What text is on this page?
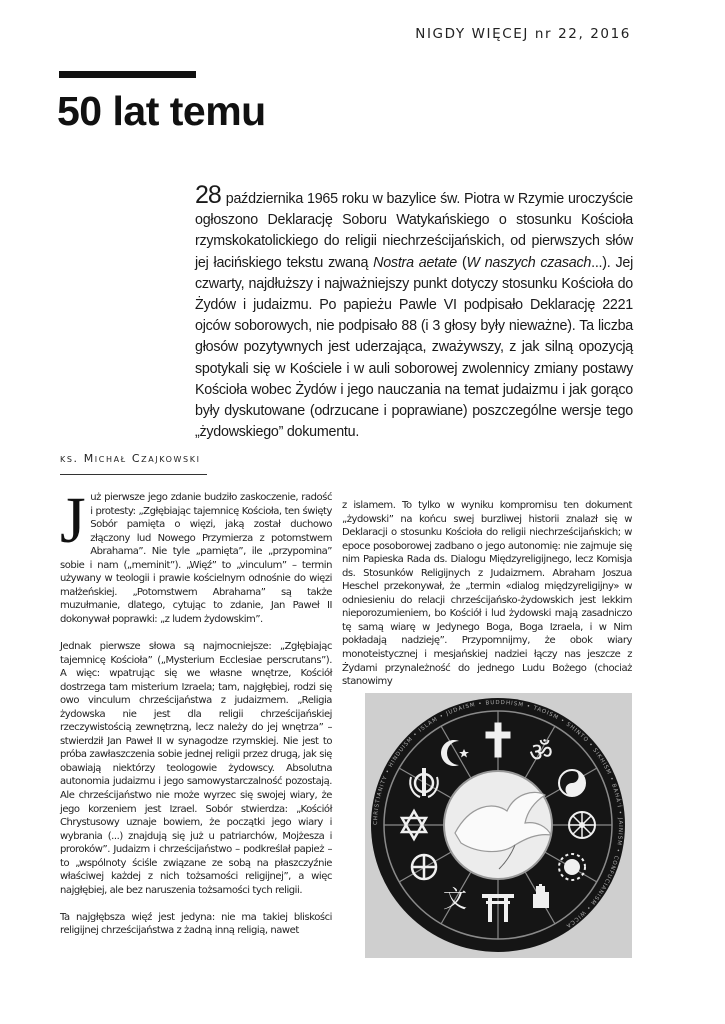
NIGDY WIĘCEJ nr 22, 2016
50 lat temu

28 października 1965 roku w bazylice św. Piotra w Rzymie uroczyście ogłoszono Deklarację Soboru Watykańskiego o stosunku Kościoła rzymskokatolickiego do religii niechrześcijańskich, od pierwszych słów jej łacińskiego tekstu zwaną Nostra aetate (W naszych czasach...). Jej czwarty, najdłuższy i najważniejszy punkt dotyczy stosunku Kościoła do Żydów i judaizmu. Po papieżu Pawle VI podpisało Deklarację 2221 ojców soborowych, nie podpisało 88 (i 3 głosy były nieważne). Ta liczba głosów pozytywnych jest uderzająca, zważywszy, z jak silną opozycją spotykali się w Kościele i w auli soborowej zwolennicy zmiany postawy Kościoła wobec Żydów i jego nauczania na temat judaizmu i jak gorąco były dyskutowane (odrzucane i poprawiane) poszczególne wersje tego „żydowskiego” dokumentu.

ks. Michał Czajkowski

Już pierwsze jego zdanie budziło zaskoczenie, radość i protesty: „Zgłębiając tajemnicę Kościoła, ten święty Sobór pamięta o więzi, jaką został duchowo złączony lud Nowego Przymierza z potomstwem Abrahama”. Nie tyle „pamięta”, ile „przypomina” sobie i nam („meminit”). „Więź” to „vinculum” – termin używany w teologii i prawie kościelnym odnośnie do więzi małżeńskiej. „Potomstwem Abrahama” są także muzułmanie, dlatego, cytując to zdanie, Jan Paweł II dokonywał poprawki: „z ludem żydowskim”.

Jednak pierwsze słowa są najmocniejsze: „Zgłębiając tajemnicę Kościoła” („Mysterium Ecclesiae perscrutans”). A więc: wpatrując się we własne wnętrze, Kościół dostrzega tam misterium Izraela; tam, najgłębiej, rodzi się owo vinculum chrześcijaństwa z judaizmem. „Religia żydowska nie jest dla religii chrześcijańskiej rzeczywistością zewnętrzną, lecz należy do jej wnętrza” – stwierdził Jan Paweł II w synagodze rzymskiej. Nie jest to próba zawłaszczenia sobie jednej religii przez drugą, jak się obawiają niektórzy teologowie żydowscy. Absolutna autonomia judaizmu i jego samowystarczalność pozostają. Ale chrześcijaństwo nie może wyrzec się swojej wiary, że jego korzeniem jest Izrael. Sobór stwierdza: „Kościół Chrystusowy uznaje bowiem, że początki jego wiary i wybrania (...) znajdują się już u patriarchów, Mojżesza i proroków”. Judaizm i chrześcijaństwo – podkreślał papież – to „wspólnoty ściśle związane ze sobą na płaszczyźnie właściwej każdej z nich tożsamości religijnej”, a więc najgłębiej, ale bez naruszenia tożsamości tych religii.

Ta najgłębsza więź jest jedyna: nie ma takiej bliskości religijnej chrześcijaństwa z żadną inną religią, nawet

z islamem. To tylko w wyniku kompromisu ten dokument „żydowski” na końcu swej burzliwej historii znalazł się w Deklaracji o stosunku Kościoła do religii niechrześcijańskich; w epoce posoborowej zadbano o jego autonomię: nie zajmuje się nim Papieska Rada ds. Dialogu Międzyreligijnego, lecz Komisja ds. Stosunków Religijnych z Judaizmem. Abraham Joszua Heschel przekonywał, że „termin «dialog międzyreligijny» w odniesieniu do relacji chrześcijańsko-żydowskich jest lekkim nieporozumieniem, bo Kościół i lud żydowski mają zasadniczo tę samą wiarę w Jedynego Boga, Boga Izraela, i w Nim pokładają nadzieję”. Przypomnijmy, że obok wiary monoteistycznej i mesjańskiej nadziei łączy nas jeszcze z Żydami przynależność do jednego Ludu Bożego (chociaż stanowimy

CHRISTIANITY • HINDUISM • ISLAM • JUDAISM • BUDDHISM • TAOISM • SHINTO • SIKHISM • BAHÁ'Í • JAINISM • CONFUCIANISM • WICCA
ॐ
文
